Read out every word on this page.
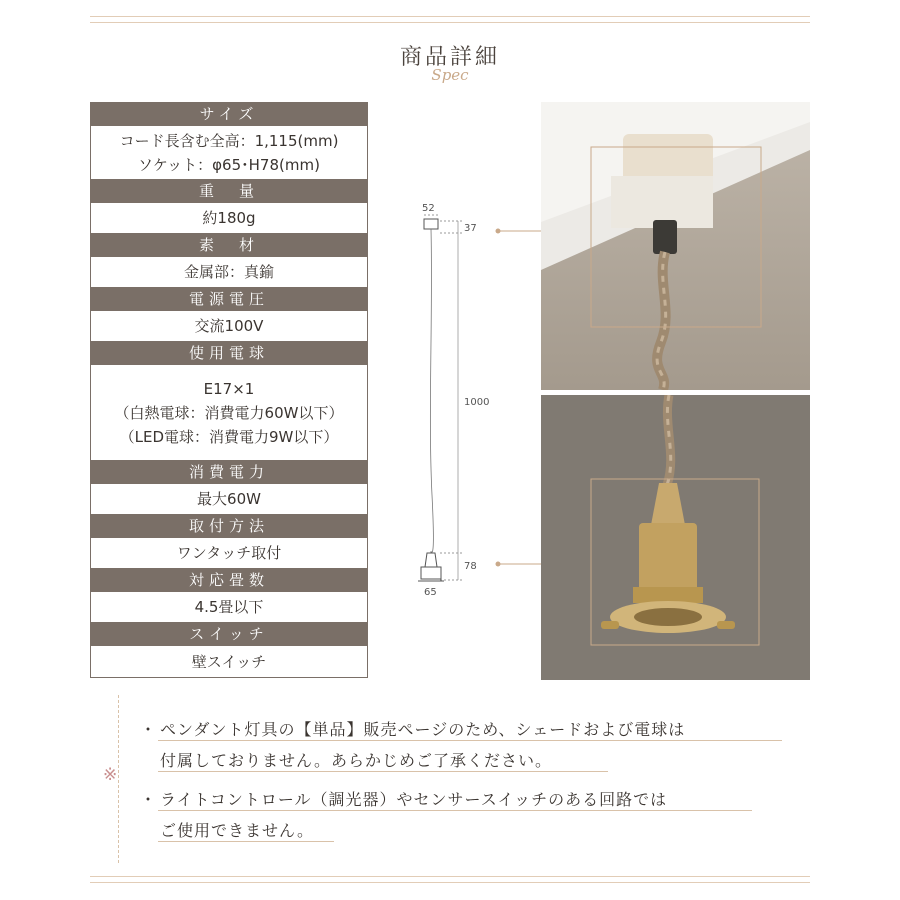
商品詳細
Spec
サイズ
コード長含む全高：1,115(mm)
ソケット：φ65･H78(mm)
重　量
約180g
素　材
金属部：真鍮
電源電圧
交流100V
使用電球
E17×1
（白熱電球：消費電力60W以下）
（LED電球：消費電力9W以下）
消費電力
最大60W
取付方法
ワンタッチ取付
対応畳数
4.5畳以下
スイッチ
壁スイッチ
52
65
37
1000
78
※
・ ペンダント灯具の【単品】販売ページのため、シェードおよび電球は
付属しておりません。あらかじめご了承ください。
・ ライトコントロール（調光器）やセンサースイッチのある回路では
ご使用できません。
